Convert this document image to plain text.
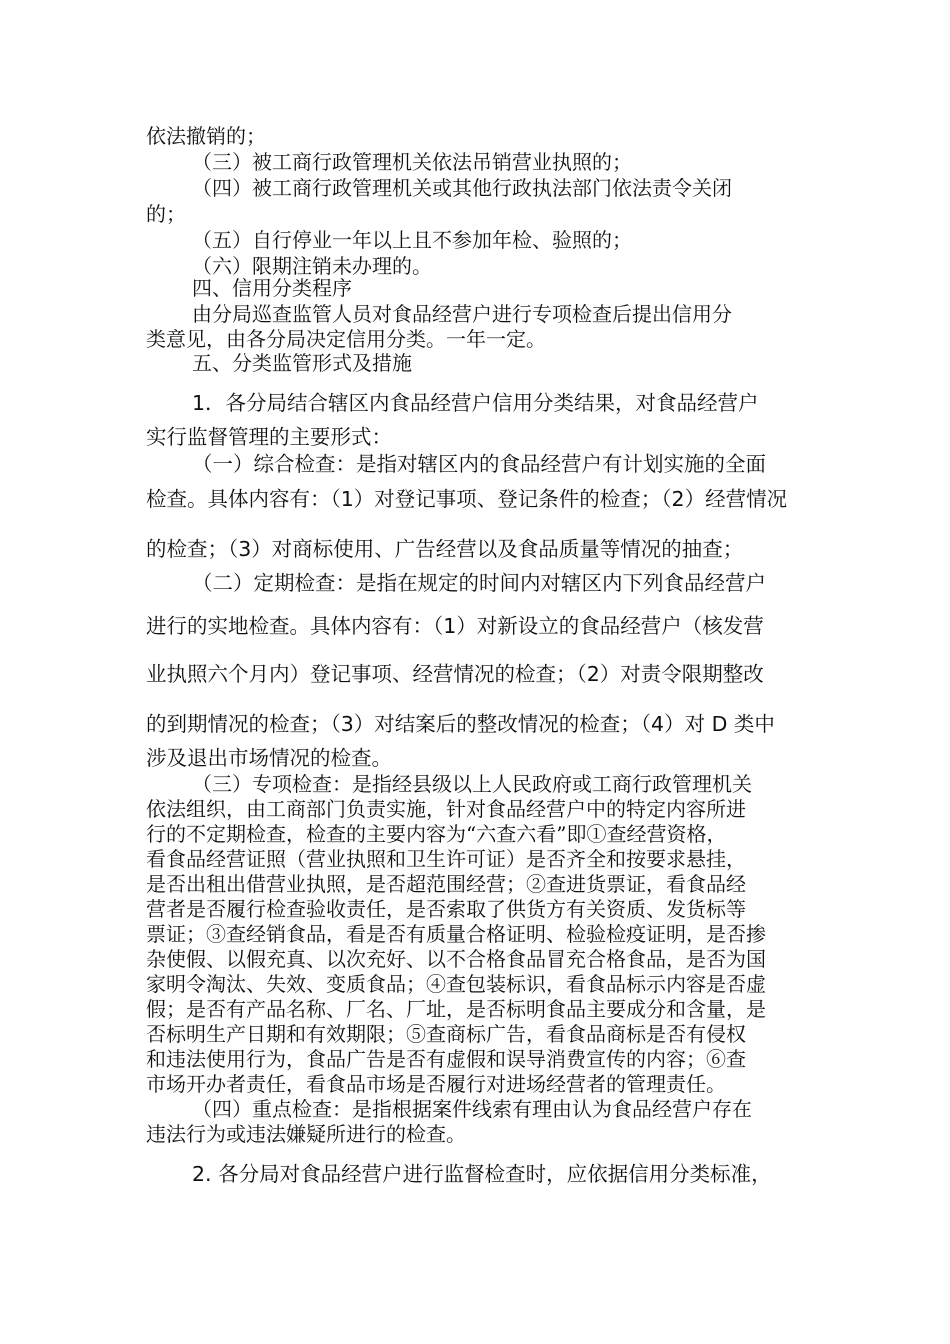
依法撤销的；
（三）被工商行政管理机关依法吊销营业执照的；
（四）被工商行政管理机关或其他行政执法部门依法责令关闭
的；
（五）自行停业一年以上且不参加年检、验照的；
（六）限期注销未办理的。
四、信用分类程序
由分局巡查监管人员对食品经营户进行专项检查后提出信用分
类意见，由各分局决定信用分类。一年一定。
五、分类监管形式及措施
1．各分局结合辖区内食品经营户信用分类结果，对食品经营户
实行监督管理的主要形式：
（一）综合检查：是指对辖区内的食品经营户有计划实施的全面
检查。具体内容有：（1）对登记事项、登记条件的检查；（2）经营情况
的检查；（3）对商标使用、广告经营以及食品质量等情况的抽查；
（二）定期检查：是指在规定的时间内对辖区内下列食品经营户
进行的实地检查。具体内容有：（1）对新设立的食品经营户（核发营
业执照六个月内）登记事项、经营情况的检查；（2）对责令限期整改
的到期情况的检查；（3）对结案后的整改情况的检查；（4）对 D 类中
涉及退出市场情况的检查。
（三）专项检查：是指经县级以上人民政府或工商行政管理机关
依法组织，由工商部门负责实施，针对食品经营户中的特定内容所进
行的不定期检查，检查的主要内容为“六查六看”即①查经营资格，
看食品经营证照（营业执照和卫生许可证）是否齐全和按要求悬挂，
是否出租出借营业执照，是否超范围经营；②查进货票证，看食品经
营者是否履行检查验收责任，是否索取了供货方有关资质、发货标等
票证；③查经销食品，看是否有质量合格证明、检验检疫证明，是否掺
杂使假、以假充真、以次充好、以不合格食品冒充合格食品，是否为国
家明令淘汰、失效、变质食品；④查包装标识，看食品标示内容是否虚
假；是否有产品名称、厂名、厂址，是否标明食品主要成分和含量，是
否标明生产日期和有效期限；⑤查商标广告，看食品商标是否有侵权
和违法使用行为，食品广告是否有虚假和误导消费宣传的内容；⑥查
市场开办者责任，看食品市场是否履行对进场经营者的管理责任。
（四）重点检查：是指根据案件线索有理由认为食品经营户存在
违法行为或违法嫌疑所进行的检查。
2. 各分局对食品经营户进行监督检查时，应依据信用分类标准，
